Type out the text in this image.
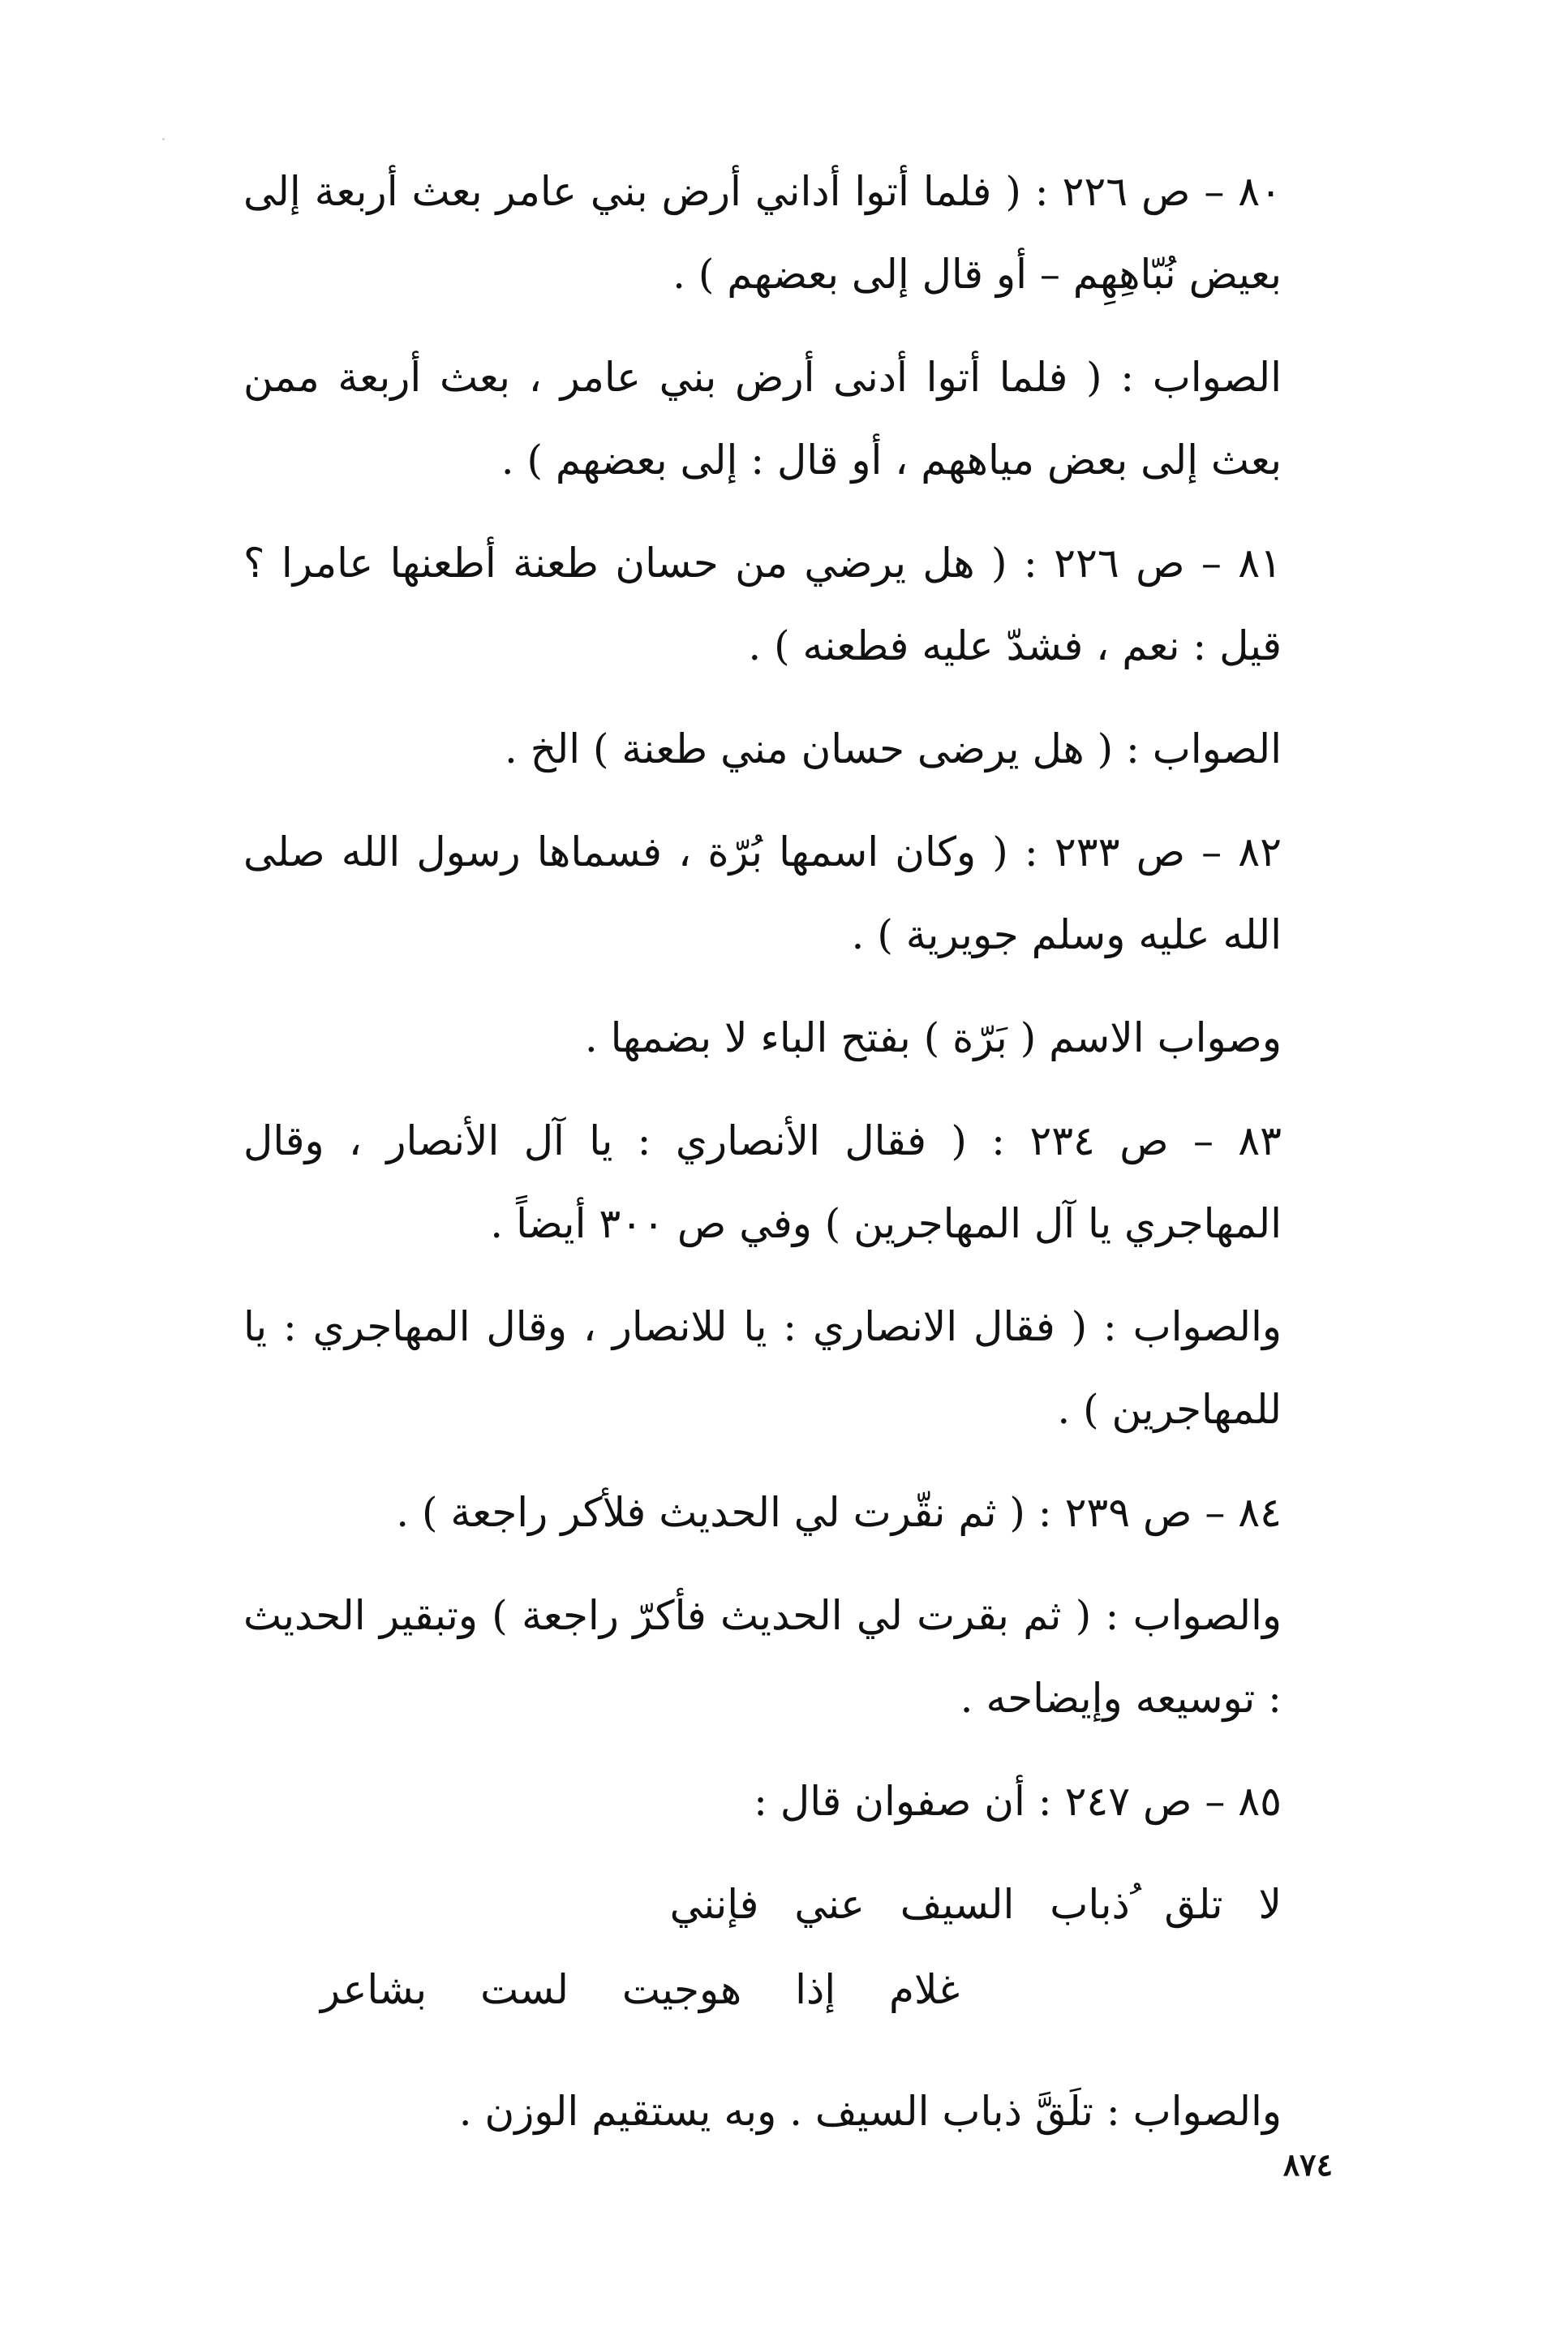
٨٠ – ص ٢٢٦ : ( فلما أتوا أداني أرض بني عامر بعث أربعة إلى بعيض نُبّاهِهِم – أو قال إلى بعضهم ) .

الصواب : ( فلما أتوا أدنى أرض بني عامر ، بعث أربعة ممن بعث إلى بعض مياههم ، أو قال : إلى بعضهم ) .

٨١ – ص ٢٢٦ : ( هل يرضي من حسان طعنة أطعنها عامرا ؟ قيل : نعم ، فشدّ عليه فطعنه ) .

الصواب : ( هل يرضى حسان مني طعنة ) الخ .

٨٢ – ص ٢٣٣ : ( وكان اسمها بُرّة ، فسماها رسول الله صلى الله عليه وسلم جويرية ) .

وصواب الاسم ( بَرّة ) بفتح الباء لا بضمها .

٨٣ – ص ٢٣٤ : ( فقال الأنصاري : يا آل الأنصار ، وقال المهاجري يا آل المهاجرين ) وفي ص ٣٠٠ أيضاً .

والصواب : ( فقال الانصاري : يا للانصار ، وقال المهاجري : يا للمهاجرين ) .

٨٤ – ص ٢٣٩ : ( ثم نقّرت لي الحديث فلأكر راجعة ) .

والصواب : ( ثم بقرت لي الحديث فأكرّ راجعة ) وتبقير الحديث : توسيعه وإيضاحه .

٨٥ – ص ٢٤٧ : أن صفوان قال :

لا تلق ُذباب السيف عني فإنني
غلام إذا هوجيت لست بشاعر

والصواب : تلَقَّ ذباب السيف . وبه يستقيم الوزن .

٨٧٤
